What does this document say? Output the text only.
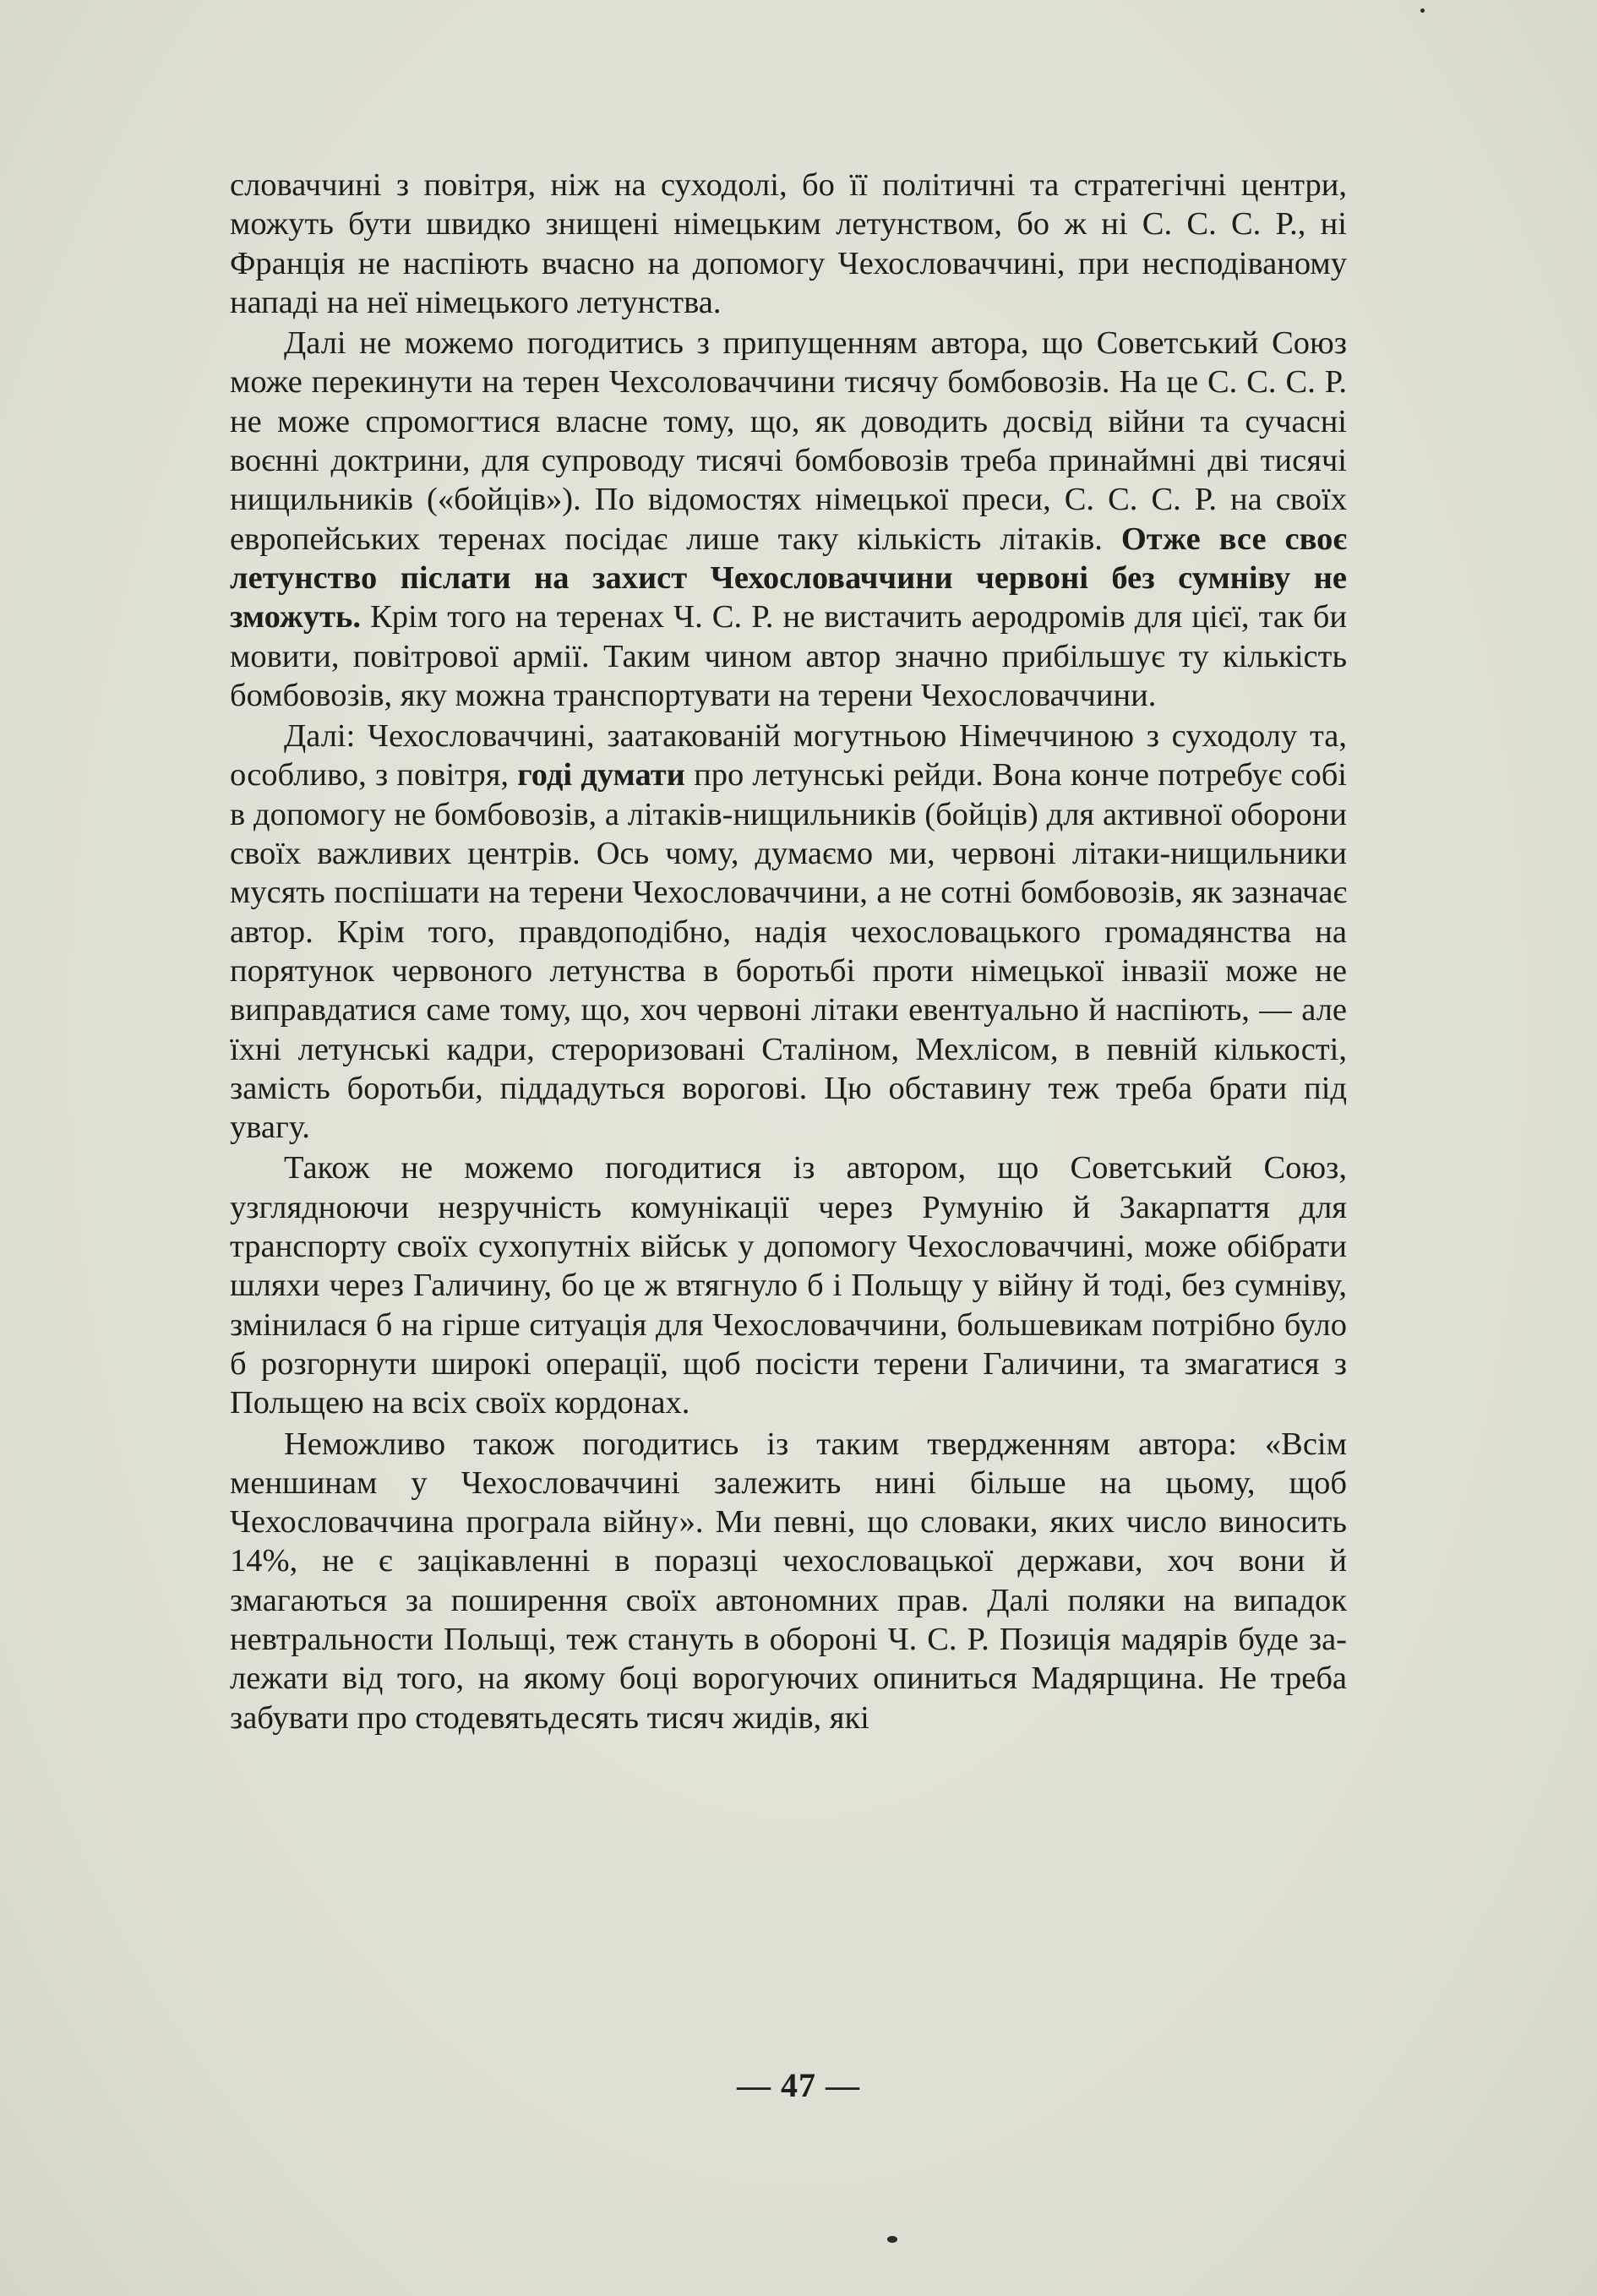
словаччині з повітря, ніж на суходолі, бо її політичні та стратегічні центри, можуть бути швидко знищені німецьким летунством, бо ж ні С. С. С. Р., ні Франція не наспіють вчасно на допомогу Чехословаччині, при несподіваному нападі на неї німецького летунства.

Далі не можемо погодитись з припущенням автора, що Советський Союз може перекинути на терен Чехсоловаччини тисячу бомбовозів. На це С. С. С. Р. не може спромогтися власне тому, що, як доводить досвід війни та сучасні воєнні доктрини, для супроводу тисячі бомбовозів треба принаймні дві тисячі нищильників («бойців»). По відомостях німецької преси, С. С. С. Р. на своїх европейських теренах посідає лише таку кількість літаків. Отже все своє летунство післати на захист Чехословаччини червоні без сумніву не зможуть. Крім того на теренах Ч. С. Р. не вистачить аеродромів для цієї, так би мовити, повітрової армії. Таким чином автор значно прибільшує ту кількість бомбовозів, яку можна транспортувати на терени Чехословаччини.

Далі: Чехословаччині, заатакованій могутньою Німеччиною з суходолу та, особливо, з повітря, годі думати про летунські рейди. Вона конче потребує собі в допомогу не бомбовозів, а літаків-нищильників (бойців) для активної оборони своїх важливих центрів. Ось чому, думаємо ми, червоні літаки-нищильники мусять поспішати на терени Чехословаччини, а не сотні бомбовозів, як зазначає автор. Крім того, правдоподібно, надія чехословацького громадянства на порятунок червоного летунства в боротьбі проти німецької інвазії може не виправдатися саме тому, що, хоч червоні літаки евентуально й наспіють, — але їхні летунські кадри, стероризовані Сталіном, Мехлісом, в певній кількості, замість боротьби, піддадуться ворогові. Цю обставину теж треба брати під увагу.

Також не можемо погодитися із автором, що Советський Союз, узглядноючи незручність комунікації через Румунію й Закарпаття для транспорту своїх сухопутніх військ у допомогу Чехословаччині, може обібрати шляхи через Галичину, бо це ж втягнуло б і Польщу у війну й тоді, без сумніву, змінилася б на гірше ситуація для Чехословаччини, большевикам потрібно було б розгорнути широкі операції, щоб посісти терени Галичини, та змагатися з Польщею на всіх своїх кордонах.

Неможливо також погодитись із таким твердженням автора: «Всім меншинам у Чехословаччині залежить нині більше на цьому, щоб Чехословаччина програла війну». Ми певні, що словаки, яких число виносить 14%, не є зацікавленні в поразці чехословацької держави, хоч вони й змагаються за поширення своїх автономних прав. Далі поляки на випадок невтральности Польщі, теж стануть в обороні Ч. С. Р. Позиція мадярів буде залежати від того, на якому боці ворогуючих опиниться Мадярщина. Не треба забувати про стодевятьдесять тисяч жидів, які

— 47 —
